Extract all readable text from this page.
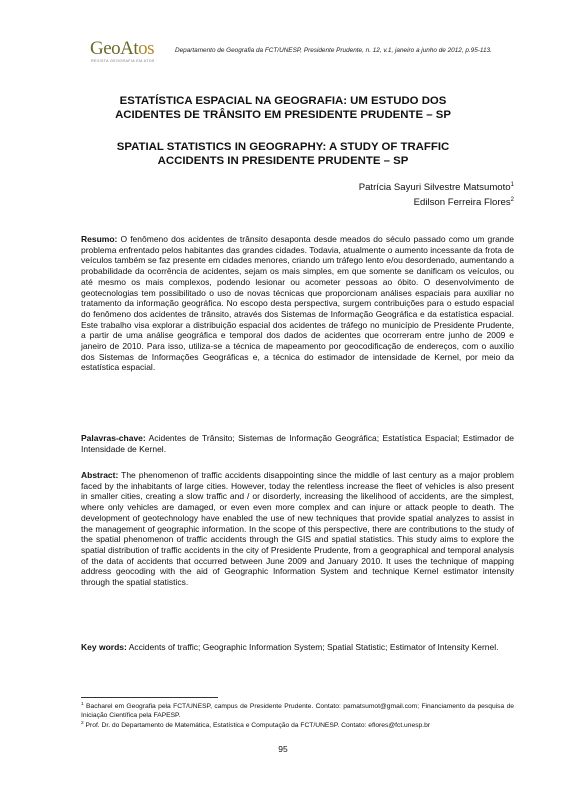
GeoAtos
REVISTA GEOGRAFIA EM ATOS
Departamento de Geografia da FCT/UNESP, Presidente Prudente, n. 12, v.1, janeiro a junho de 2012, p.95-113.
ESTATÍSTICA ESPACIAL NA GEOGRAFIA: UM ESTUDO DOS
ACIDENTES DE TRÂNSITO EM PRESIDENTE PRUDENTE – SP
SPATIAL STATISTICS IN GEOGRAPHY: A STUDY OF TRAFFIC
ACCIDENTS IN PRESIDENTE PRUDENTE – SP
Patrícia Sayuri Silvestre Matsumoto$^1$
Edilson Ferreira Flores$^2$
Resumo: O fenômeno dos acidentes de trânsito desaponta desde meados do século passado como um grande problema enfrentado pelos habitantes das grandes cidades. Todavia, atualmente o aumento incessante da frota de veículos também se faz presente em cidades menores, criando um tráfego lento e/ou desordenado, aumentando a probabilidade da ocorrência de acidentes, sejam os mais simples, em que somente se danificam os veículos, ou até mesmo os mais complexos, podendo lesionar ou acometer pessoas ao óbito. O desenvolvimento de geotecnologias tem possibilitado o uso de novas técnicas que proporcionam análises espaciais para auxiliar no tratamento da informação geográfica. No escopo desta perspectiva, surgem contribuições para o estudo espacial do fenômeno dos acidentes de trânsito, através dos Sistemas de Informação Geográfica e da estatística espacial. Este trabalho visa explorar a distribuição espacial dos acidentes de tráfego no município de Presidente Prudente, a partir de uma análise geográfica e temporal dos dados de acidentes que ocorreram entre junho de 2009 e janeiro de 2010. Para isso, utiliza-se a técnica de mapeamento por geocodificação de endereços, com o auxílio dos Sistemas de Informações Geográficas e, a técnica do estimador de intensidade de Kernel, por meio da estatística espacial.
Palavras-chave: Acidentes de Trânsito; Sistemas de Informação Geográfica; Estatística Espacial; Estimador de Intensidade de Kernel.
Abstract: The phenomenon of traffic accidents disappointing since the middle of last century as a major problem faced by the inhabitants of large cities. However, today the relentless increase the fleet of vehicles is also present in smaller cities, creating a slow traffic and / or disorderly, increasing the likelihood of accidents, are the simplest, where only vehicles are damaged, or even even more complex and can injure or attack people to death. The development of geotechnology have enabled the use of new techniques that provide spatial analyzes to assist in the management of geographic information. In the scope of this perspective, there are contributions to the study of the spatial phenomenon of traffic accidents through the GIS and spatial statistics. This study aims to explore the spatial distribution of traffic accidents in the city of Presidente Prudente, from a geographical and temporal analysis of the data of accidents that occurred between June 2009 and January 2010. It uses the technique of mapping address geocoding with the aid of Geographic Information System and technique Kernel estimator intensity through the spatial statistics.
Key words: Accidents of traffic; Geographic Information System; Spatial Statistic; Estimator of Intensity Kernel.
$^1$ Bacharel em Geografia pela FCT/UNESP, campus de Presidente Prudente. Contato: pamatsumot@gmail.com; Financiamento da pesquisa de Iniciação Científica pela FAPESP.
$^2$ Prof. Dr. do Departamento de Matemática, Estatística e Computação da FCT/UNESP. Contato: eflores@fct.unesp.br
95
